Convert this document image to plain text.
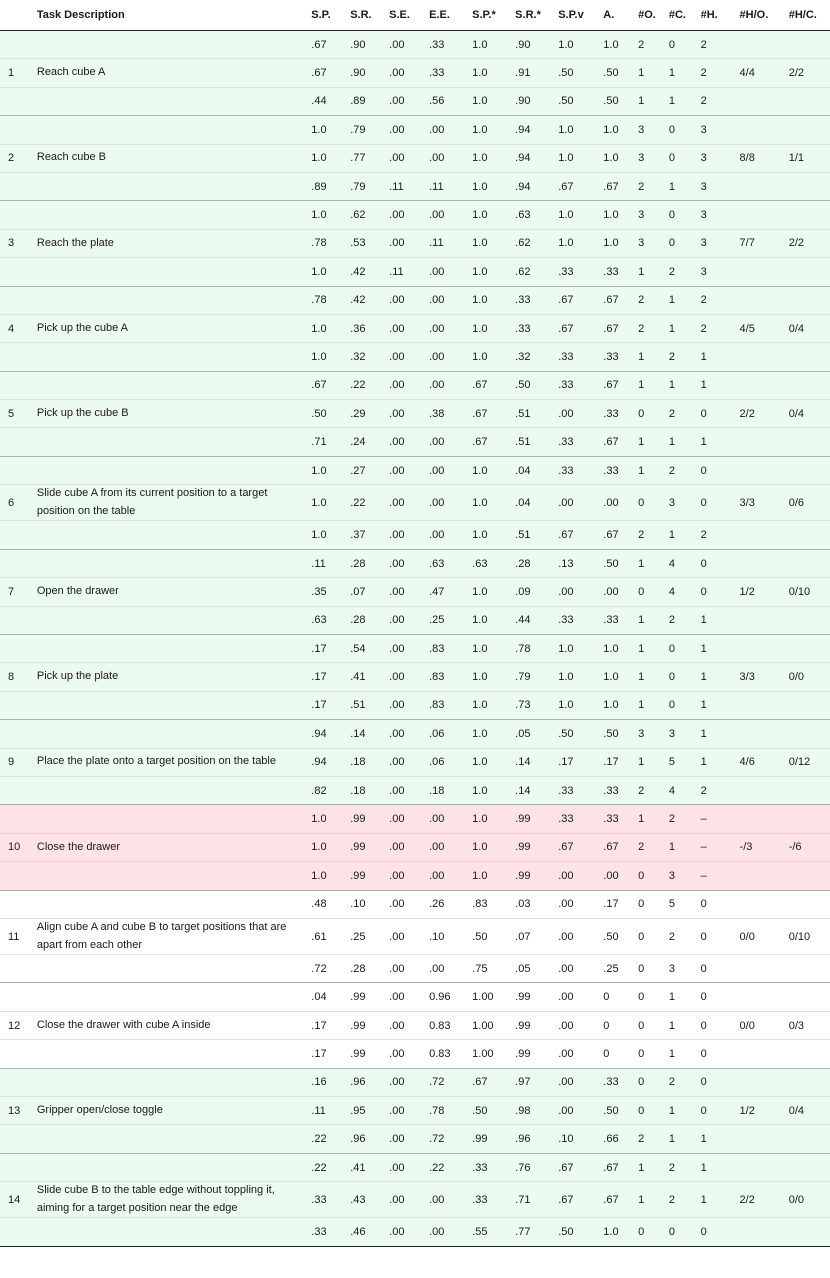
	Task Description	S.P.	S.R.	S.E.	E.E.	S.P.*	S.R.*	S.P.v	A.	#O.	#C.	#H.	#H/O.	#H/C.
		.67	.90	.00	.33	1.0	.90	1.0	1.0	2	0	2		
1	Reach cube A	.67	.90	.00	.33	1.0	.91	.50	.50	1	1	2	4/4	2/2
		.44	.89	.00	.56	1.0	.90	.50	.50	1	1	2		
		1.0	.79	.00	.00	1.0	.94	1.0	1.0	3	0	3		
2	Reach cube B	1.0	.77	.00	.00	1.0	.94	1.0	1.0	3	0	3	8/8	1/1
		.89	.79	.11	.11	1.0	.94	.67	.67	2	1	3		
		1.0	.62	.00	.00	1.0	.63	1.0	1.0	3	0	3		
3	Reach the plate	.78	.53	.00	.11	1.0	.62	1.0	1.0	3	0	3	7/7	2/2
		1.0	.42	.11	.00	1.0	.62	.33	.33	1	2	3		
		.78	.42	.00	.00	1.0	.33	.67	.67	2	1	2		
4	Pick up the cube A	1.0	.36	.00	.00	1.0	.33	.67	.67	2	1	2	4/5	0/4
		1.0	.32	.00	.00	1.0	.32	.33	.33	1	2	1		
		.67	.22	.00	.00	.67	.50	.33	.67	1	1	1		
5	Pick up the cube B	.50	.29	.00	.38	.67	.51	.00	.33	0	2	0	2/2	0/4
		.71	.24	.00	.00	.67	.51	.33	.67	1	1	1		
		1.0	.27	.00	.00	1.0	.04	.33	.33	1	2	0		
6	Slide cube A from its current position to a target position on the table	1.0	.22	.00	.00	1.0	.04	.00	.00	0	3	0	3/3	0/6
		1.0	.37	.00	.00	1.0	.51	.67	.67	2	1	2		
		.11	.28	.00	.63	.63	.28	.13	.50	1	4	0		
7	Open the drawer	.35	.07	.00	.47	1.0	.09	.00	.00	0	4	0	1/2	0/10
		.63	.28	.00	.25	1.0	.44	.33	.33	1	2	1		
		.17	.54	.00	.83	1.0	.78	1.0	1.0	1	0	1		
8	Pick up the plate	.17	.41	.00	.83	1.0	.79	1.0	1.0	1	0	1	3/3	0/0
		.17	.51	.00	.83	1.0	.73	1.0	1.0	1	0	1		
		.94	.14	.00	.06	1.0	.05	.50	.50	3	3	1		
9	Place the plate onto a target position on the table	.94	.18	.00	.06	1.0	.14	.17	.17	1	5	1	4/6	0/12
		.82	.18	.00	.18	1.0	.14	.33	.33	2	4	2		
		1.0	.99	.00	.00	1.0	.99	.33	.33	1	2	–		
10	Close the drawer	1.0	.99	.00	.00	1.0	.99	.67	.67	2	1	–	-/3	-/6
		1.0	.99	.00	.00	1.0	.99	.00	.00	0	3	–		
		.48	.10	.00	.26	.83	.03	.00	.17	0	5	0		
11	Align cube A and cube B to target positions that are apart from each other	.61	.25	.00	.10	.50	.07	.00	.50	0	2	0	0/0	0/10
		.72	.28	.00	.00	.75	.05	.00	.25	0	3	0		
		.04	.99	.00	0.96	1.00	.99	.00	0	0	1	0		
12	Close the drawer with cube A inside	.17	.99	.00	0.83	1.00	.99	.00	0	0	1	0	0/0	0/3
		.17	.99	.00	0.83	1.00	.99	.00	0	0	1	0		
		.16	.96	.00	.72	.67	.97	.00	.33	0	2	0		
13	Gripper open/close toggle	.11	.95	.00	.78	.50	.98	.00	.50	0	1	0	1/2	0/4
		.22	.96	.00	.72	.99	.96	.10	.66	2	1	1		
		.22	.41	.00	.22	.33	.76	.67	.67	1	2	1		
14	Slide cube B to the table edge without toppling it, aiming for a target position near the edge	.33	.43	.00	.00	.33	.71	.67	.67	1	2	1	2/2	0/0
		.33	.46	.00	.00	.55	.77	.50	1.0	0	0	0		
